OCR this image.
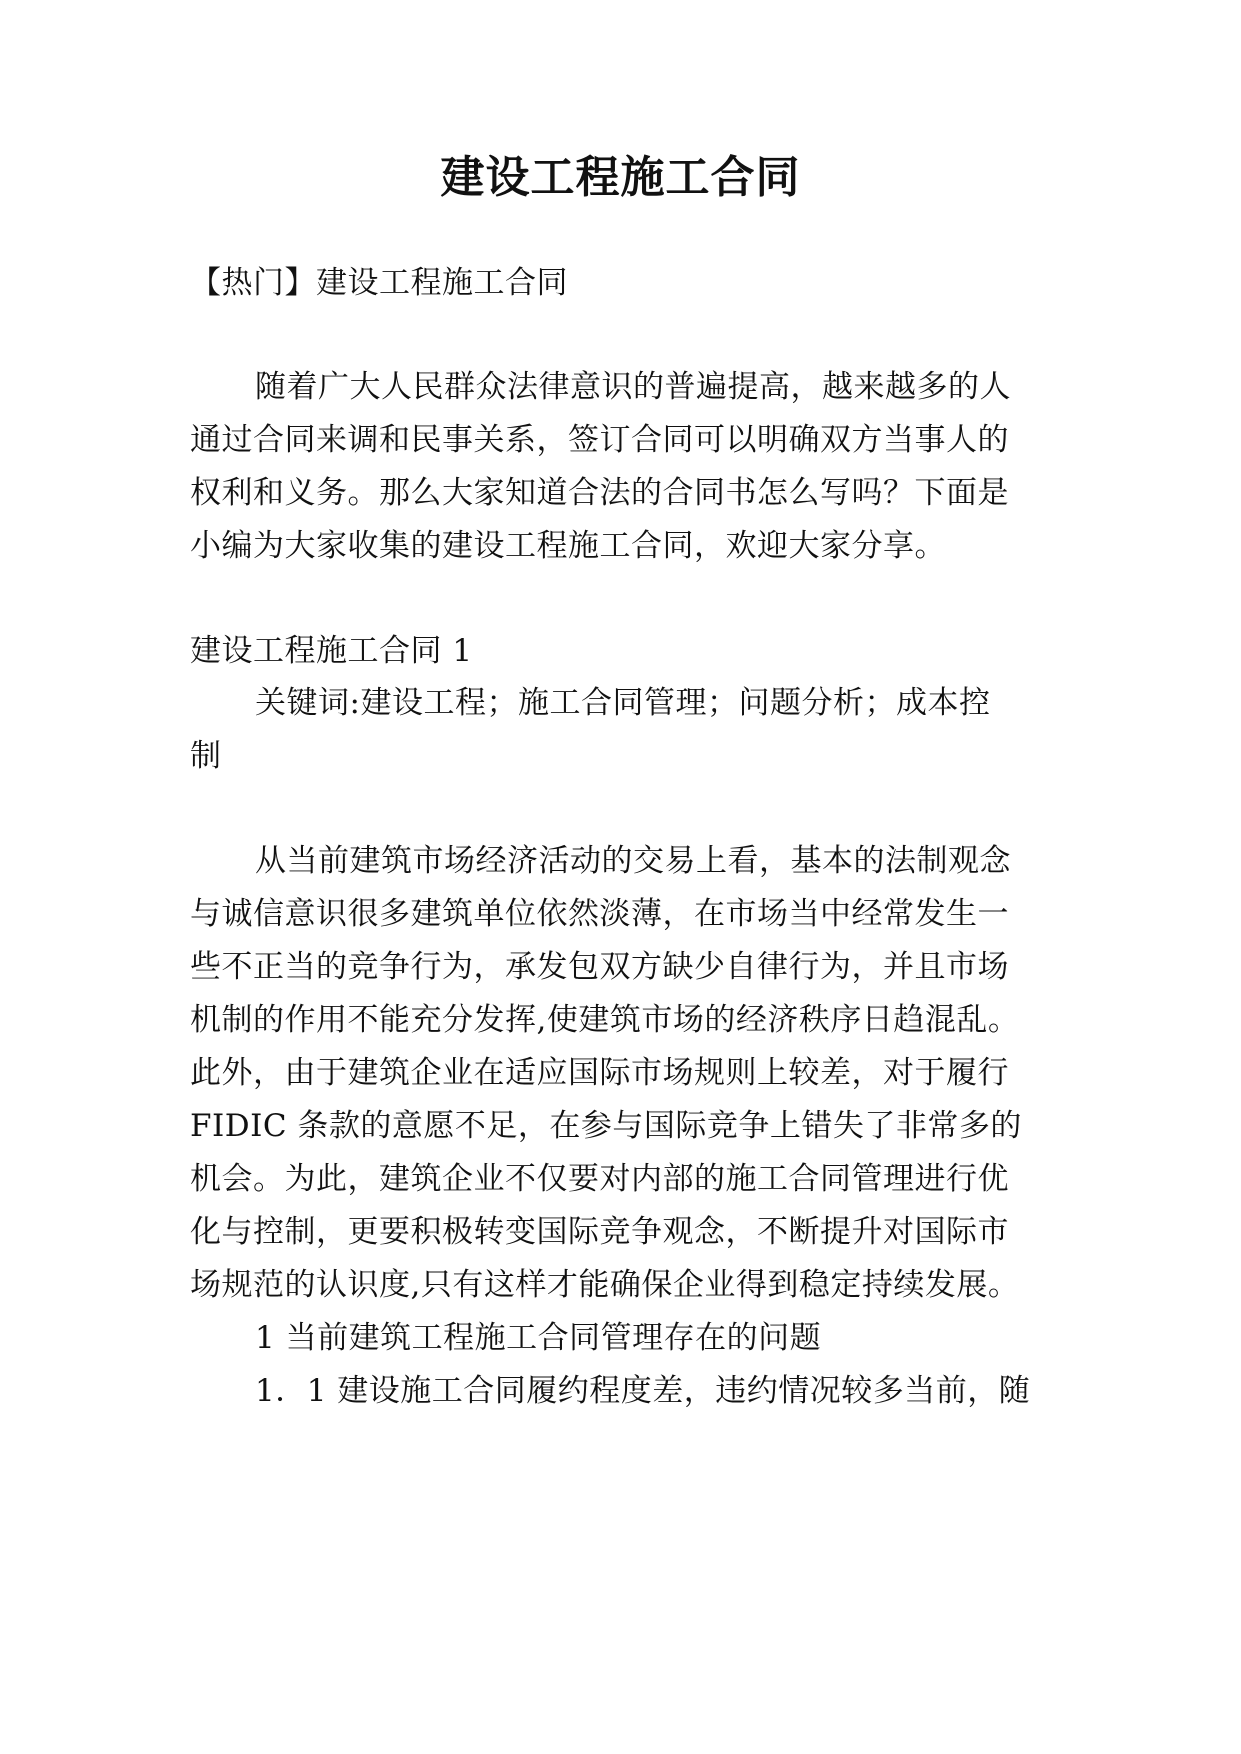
建设工程施工合同
【热门】建设工程施工合同
随着广大人民群众法律意识的普遍提高，越来越多的人
通过合同来调和民事关系，签订合同可以明确双方当事人的
权利和义务。那么大家知道合法的合同书怎么写吗？下面是
小编为大家收集的建设工程施工合同，欢迎大家分享。
建设工程施工合同 1
关键词:建设工程；施工合同管理；问题分析；成本控
制
从当前建筑市场经济活动的交易上看，基本的法制观念
与诚信意识很多建筑单位依然淡薄，在市场当中经常发生一
些不正当的竞争行为，承发包双方缺少自律行为，并且市场
机制的作用不能充分发挥,使建筑市场的经济秩序日趋混乱。
此外，由于建筑企业在适应国际市场规则上较差，对于履行
FIDIC 条款的意愿不足，在参与国际竞争上错失了非常多的
机会。为此，建筑企业不仅要对内部的施工合同管理进行优
化与控制，更要积极转变国际竞争观念，不断提升对国际市
场规范的认识度,只有这样才能确保企业得到稳定持续发展。
1 当前建筑工程施工合同管理存在的问题
1．1 建设施工合同履约程度差，违约情况较多当前，随
